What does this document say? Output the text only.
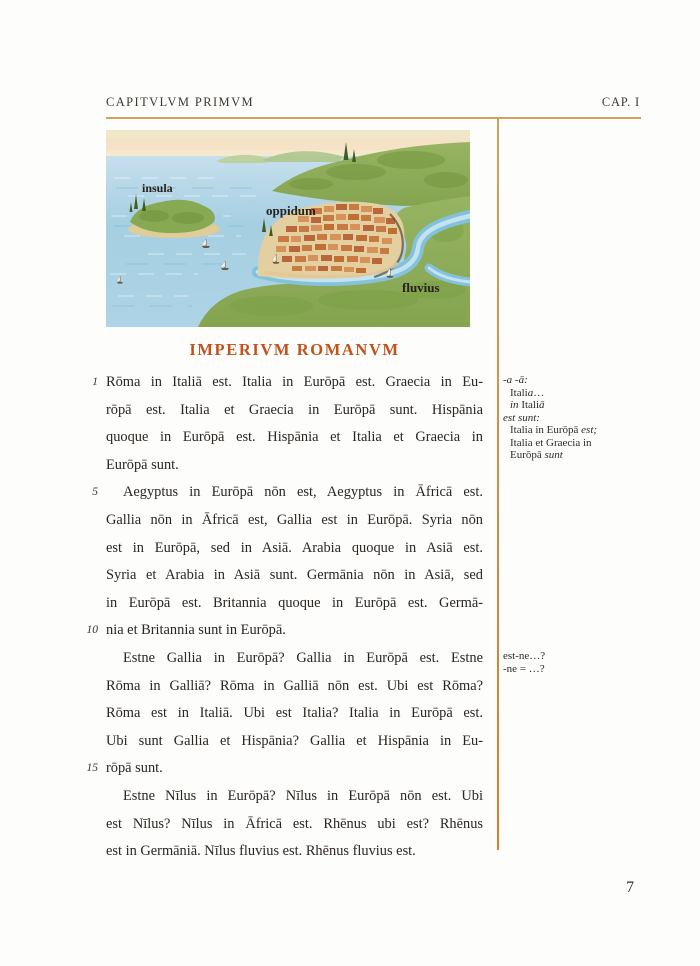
CAPITVLVM PRIMVM	CAP. I
insula
oppidum
fluvius
IMPERIVM ROMANVM
1
5
10
15
Rōma in Italiā est. Italia in Eurōpā est. Graecia in Eu-
rōpā est. Italia et Graecia in Eurōpā sunt. Hispānia
quoque in Eurōpā est. Hispānia et Italia et Graecia in
Eurōpā sunt.
Aegyptus in Eurōpā nōn est, Aegyptus in Āfricā est.
Gallia nōn in Āfricā est, Gallia est in Eurōpā. Syria nōn
est in Eurōpā, sed in Asiā. Arabia quoque in Asiā est.
Syria et Arabia in Asiā sunt. Germānia nōn in Asiā, sed
in Eurōpā est. Britannia quoque in Eurōpā est. Germā-
nia et Britannia sunt in Eurōpā.
Estne Gallia in Eurōpā? Gallia in Eurōpā est. Estne
Rōma in Galliā? Rōma in Galliā nōn est. Ubi est Rōma?
Rōma est in Italiā. Ubi est Italia? Italia in Eurōpā est.
Ubi sunt Gallia et Hispānia? Gallia et Hispānia in Eu-
rōpā sunt.
Estne Nīlus in Eurōpā? Nīlus in Eurōpā nōn est. Ubi
est Nīlus? Nīlus in Āfricā est. Rhēnus ubi est? Rhēnus
est in Germāniā. Nīlus fluvius est. Rhēnus fluvius est.
-a -ā:
Italia…
in Italiā
est sunt:
Italia in Eurōpā est;
Italia et Graecia in
Eurōpā sunt
est-ne…?
-ne = …?
7
